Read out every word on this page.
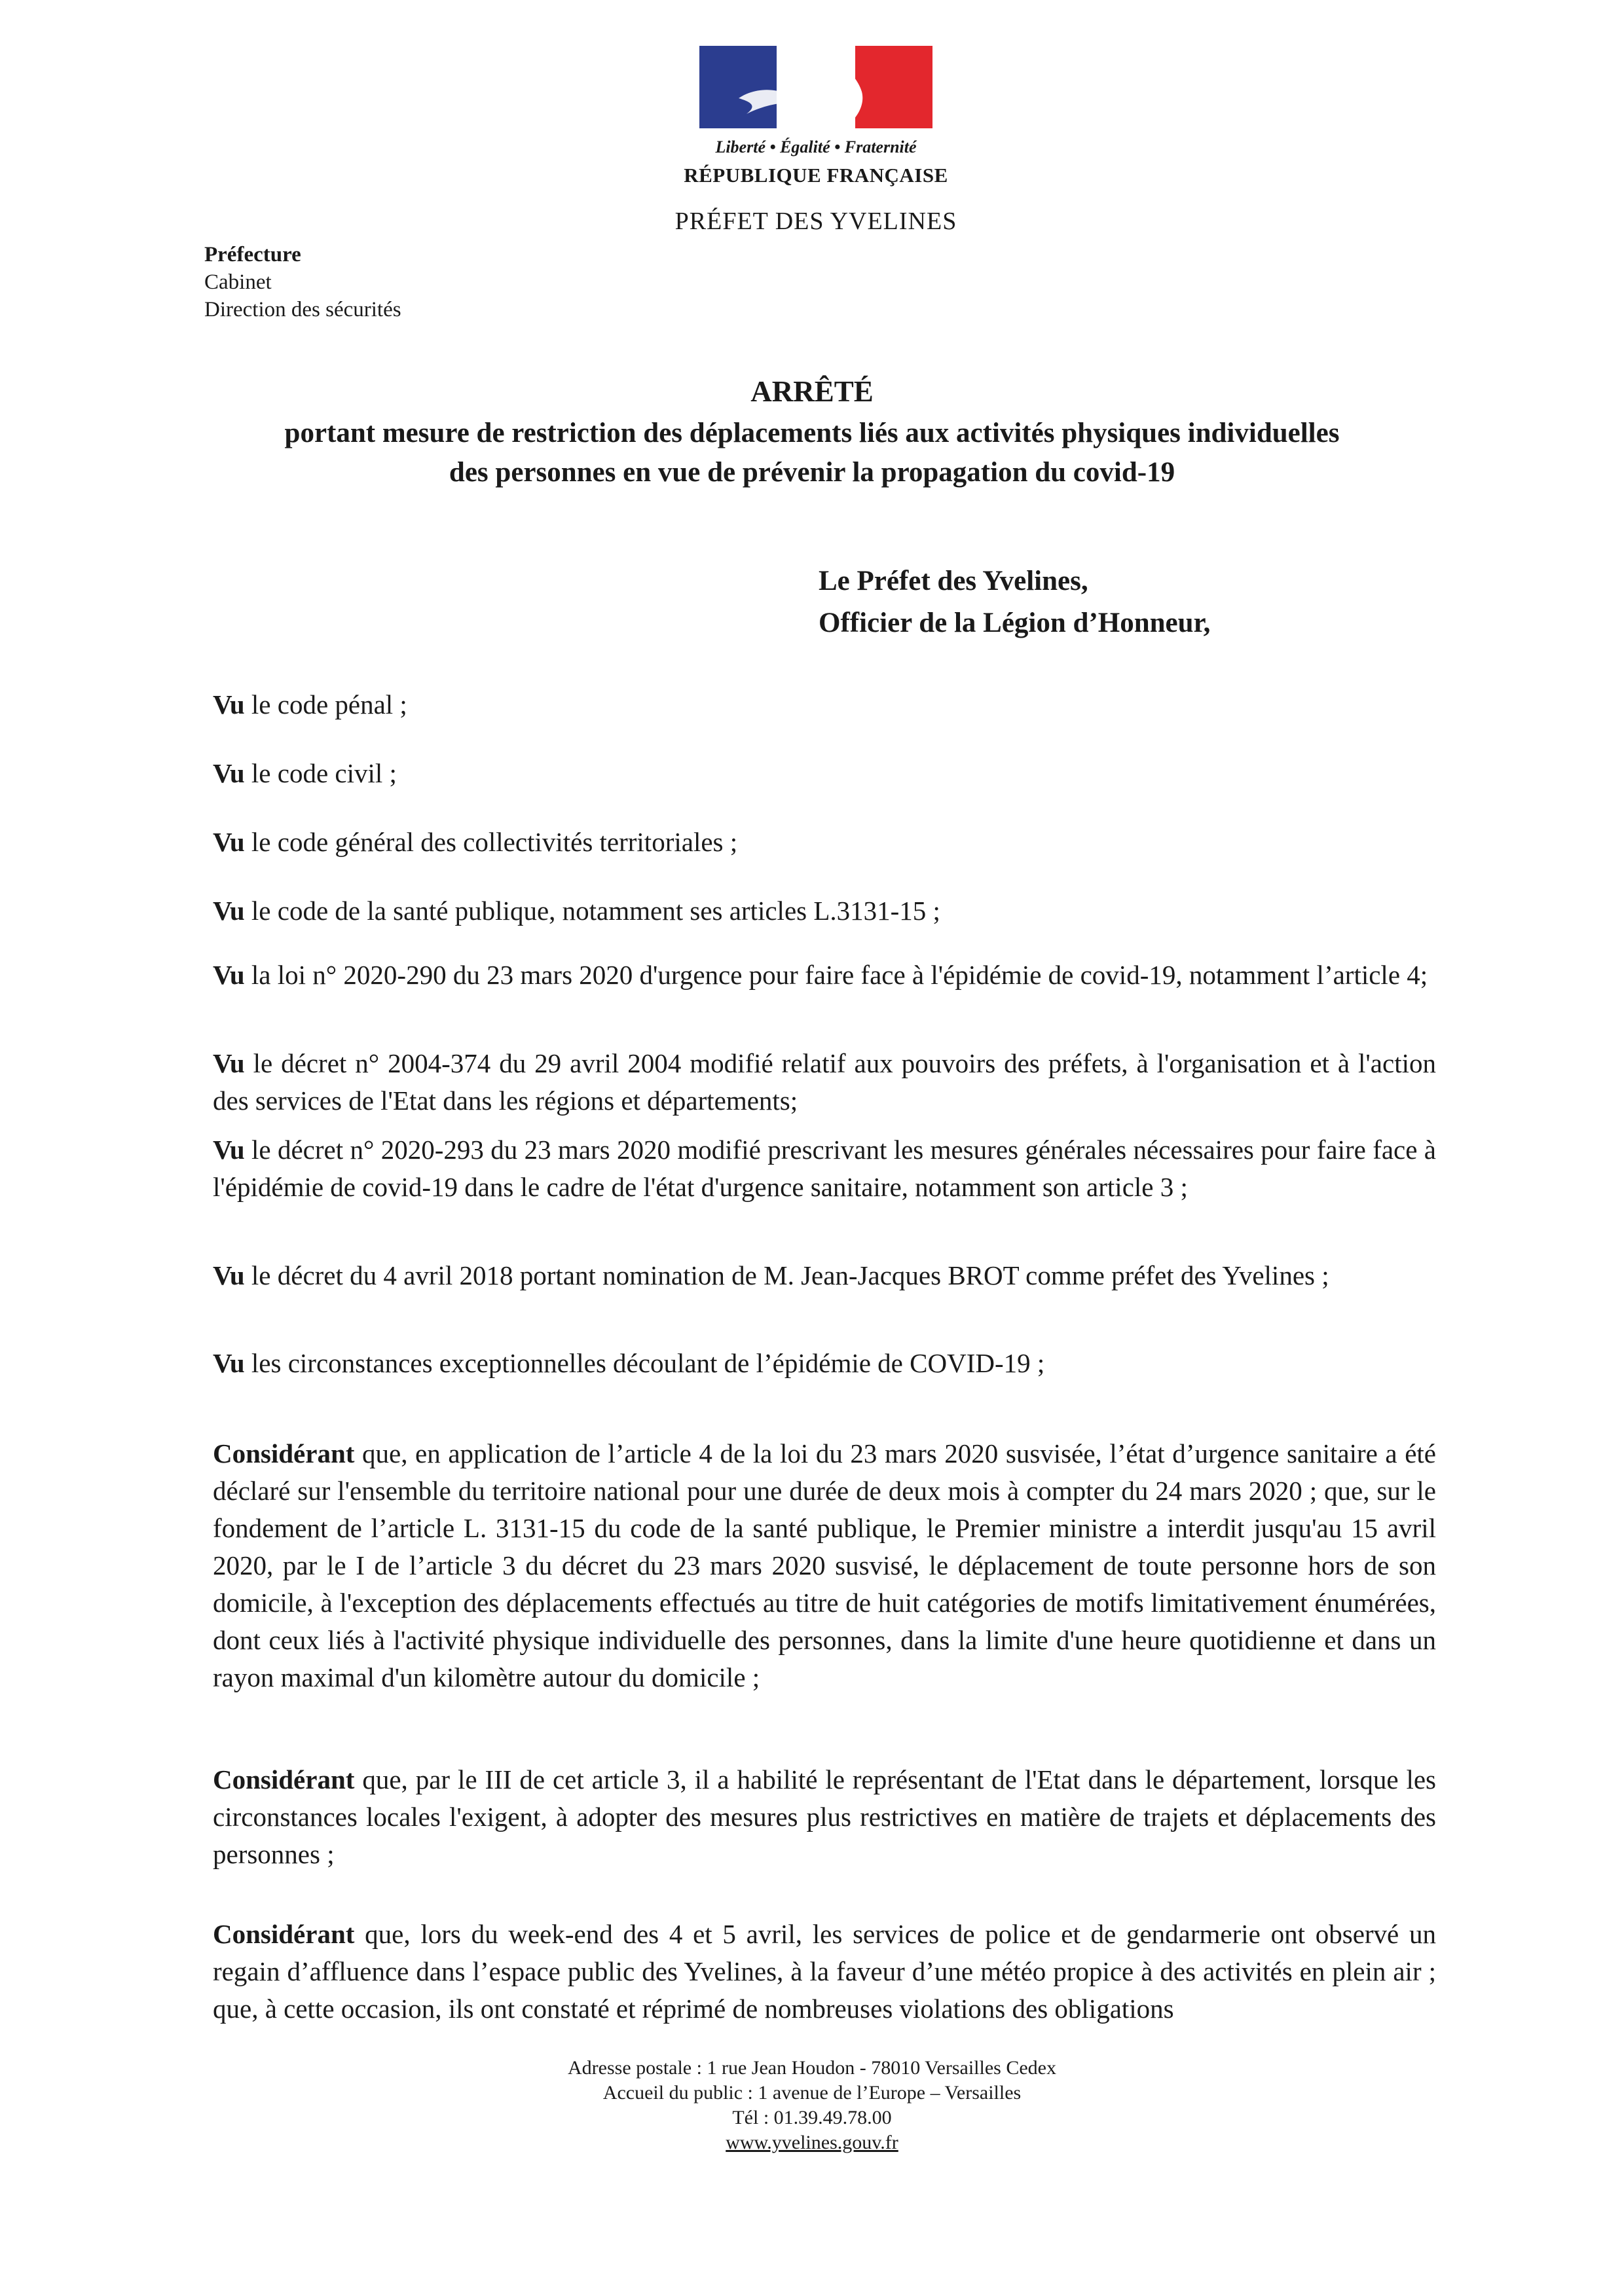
Liberté • Égalité • Fraternité
RÉPUBLIQUE FRANÇAISE
PRÉFET DES YVELINES
Préfecture
Cabinet
Direction des sécurités
ARRÊTÉ
portant mesure de restriction des déplacements liés aux activités physiques individuelles
des personnes en vue de prévenir la propagation du covid-19
Le Préfet des Yvelines,
Officier de la Légion d’Honneur,
Vu le code pénal ;
Vu le code civil ;
Vu le code général des collectivités territoriales ;
Vu le code de la santé publique, notamment ses articles L.3131-15 ;
Vu la loi n° 2020-290 du 23 mars 2020 d'urgence pour faire face à l'épidémie de covid-19, notamment l’article 4;
Vu le décret n° 2004-374 du 29 avril 2004 modifié relatif aux pouvoirs des préfets, à l'organisation et à l'action des services de l'Etat dans les régions et départements;
Vu le décret n° 2020-293 du 23 mars 2020 modifié prescrivant les mesures générales nécessaires pour faire face à l'épidémie de covid-19 dans le cadre de l'état d'urgence sanitaire, notamment son article 3 ;
Vu le décret du 4 avril 2018 portant nomination de M. Jean-Jacques BROT comme préfet des Yvelines ;
Vu les circonstances exceptionnelles découlant de l’épidémie de COVID-19 ;
Considérant que, en application de l’article 4 de la loi du 23 mars 2020 susvisée, l’état d’urgence sanitaire a été déclaré sur l'ensemble du territoire national pour une durée de deux mois à compter du 24 mars 2020 ; que, sur le fondement de l’article L. 3131-15 du code de la santé publique, le Premier ministre a interdit jusqu'au 15 avril 2020, par le I de l’article 3 du décret du 23 mars 2020 susvisé, le déplacement de toute personne hors de son domicile, à l'exception des déplacements effectués au titre de huit catégories de motifs limitativement énumérées, dont ceux liés à l'activité physique individuelle des personnes, dans la limite d'une heure quotidienne et dans un rayon maximal d'un kilomètre autour du domicile ;
Considérant que, par le III de cet article 3, il a habilité le représentant de l'Etat dans le département, lorsque les circonstances locales l'exigent, à adopter des mesures plus restrictives en matière de trajets et déplacements des personnes ;
Considérant que, lors du week-end des 4 et 5 avril, les services de police et de gendarmerie ont observé un regain d’affluence dans l’espace public des Yvelines, à la faveur d’une météo propice à des activités en plein air ; que, à cette occasion, ils ont constaté et réprimé de nombreuses violations des obligations
Adresse postale : 1 rue Jean Houdon - 78010 Versailles Cedex
Accueil du public : 1 avenue de l’Europe – Versailles
Tél : 01.39.49.78.00
www.yvelines.gouv.fr
